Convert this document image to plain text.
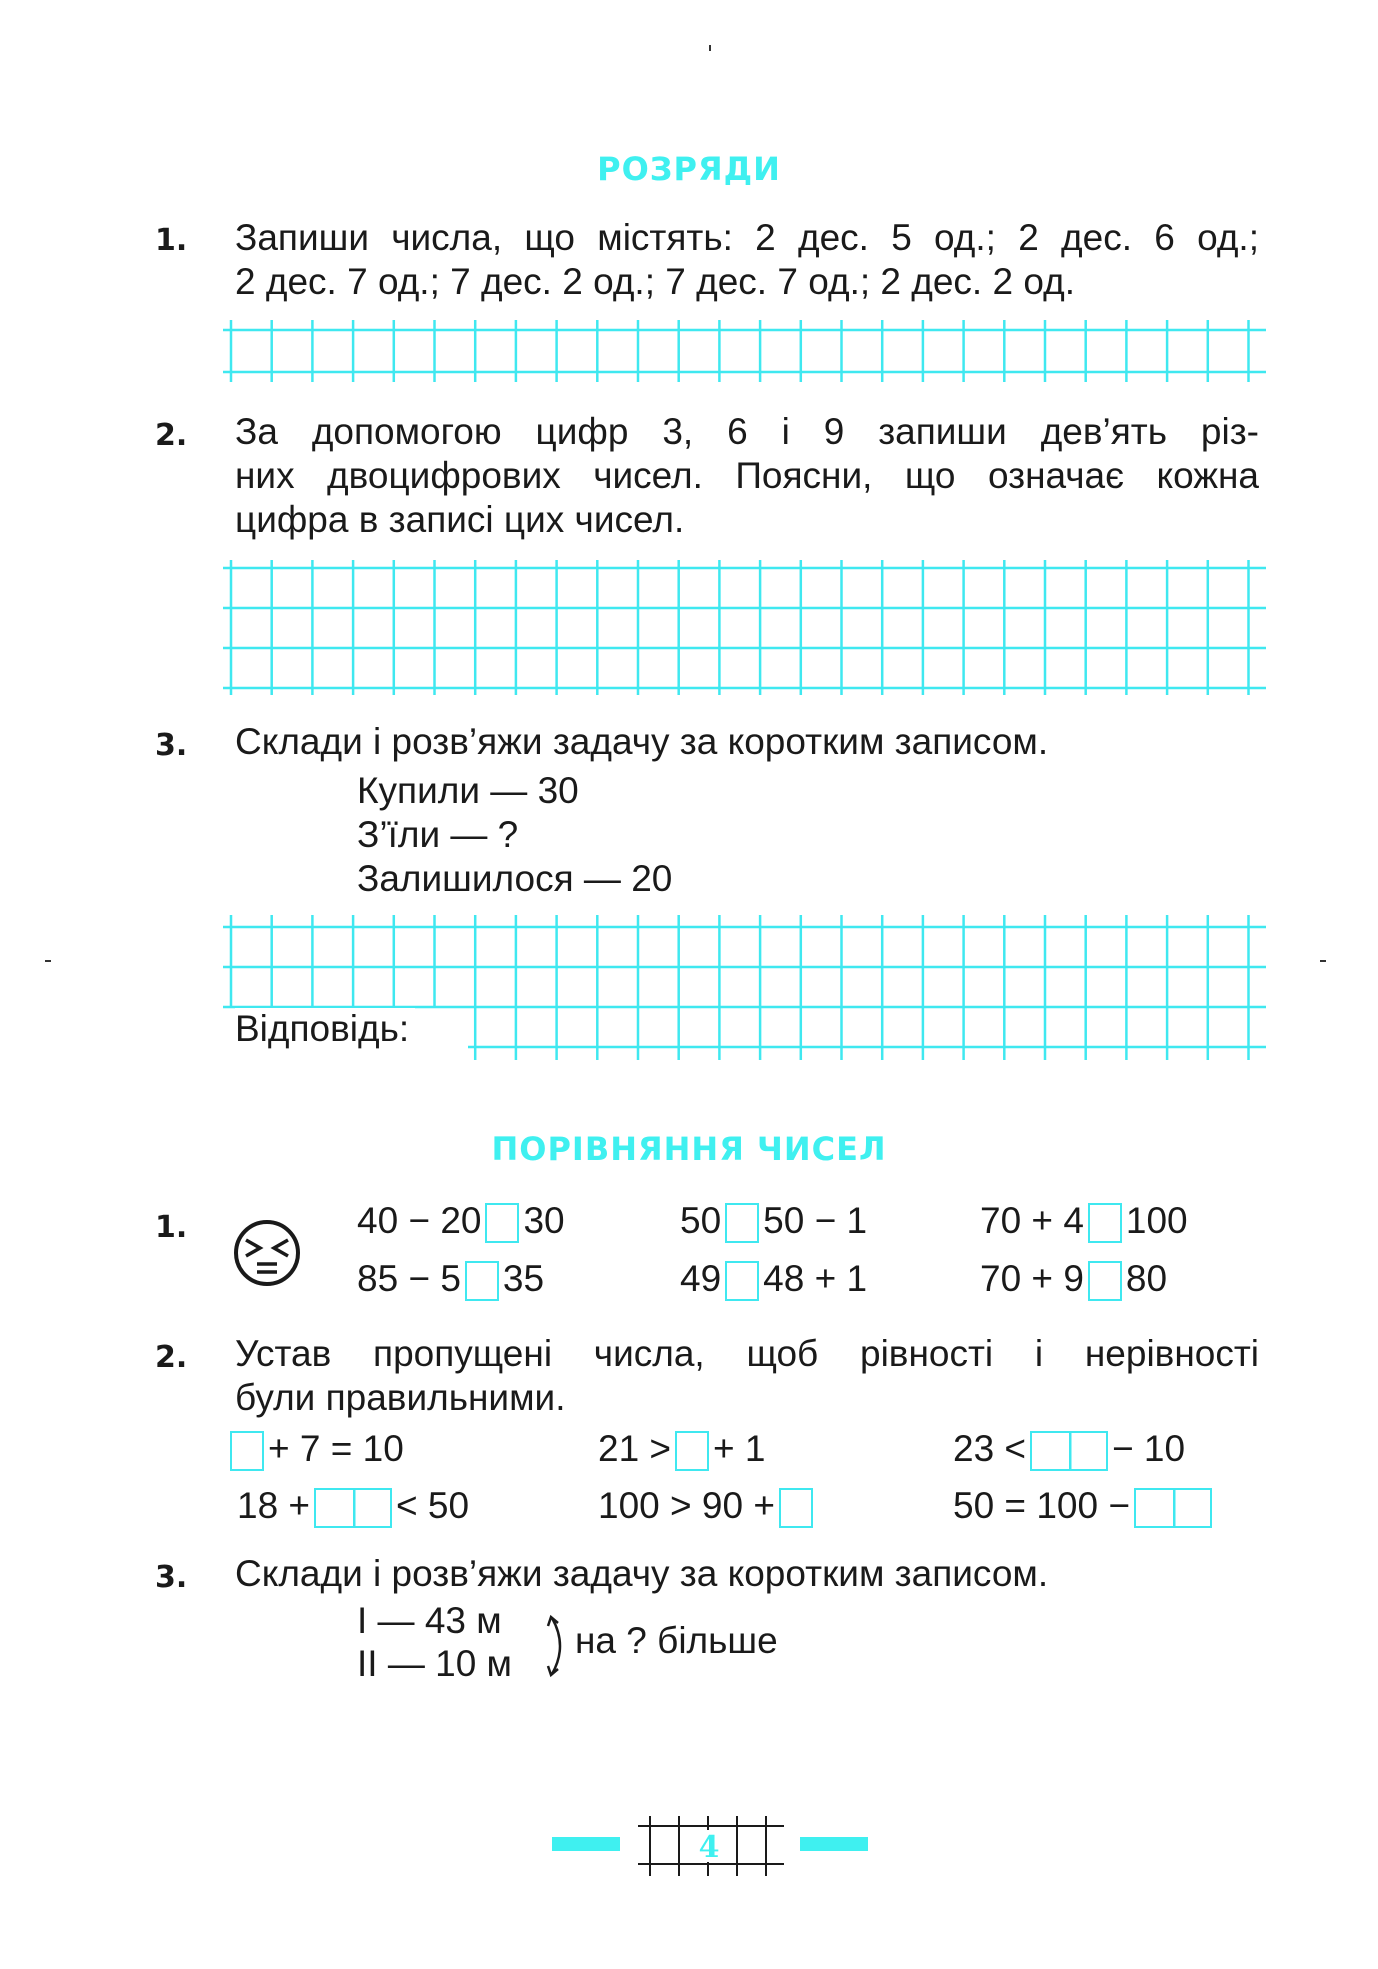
РОЗРЯДИ
1. Запиши числа, що містять: 2 дес. 5 од.; 2 дес. 6 од.;
2 дес. 7 од.; 7 дес. 2 од.; 7 дес. 7 од.; 2 дес. 2 од.
2. За допомогою цифр 3, 6 і 9 запиши дев’ять різ-
них двоцифрових чисел. Поясни, що означає кожна
цифра в записі цих чисел.
3. Склади і розв’яжи задачу за коротким записом.
Купили — 30
З’їли — ?
Залишилося — 20
Відповідь:
ПОРІВНЯННЯ ЧИСЕЛ
1.	40 − 20 30	50 50 − 1	70 + 4 100
85 − 5 35	49 48 + 1	70 + 9 80
2. Устав пропущені числа, щоб рівності і нерівності
були правильними.
+ 7 = 10	21 > + 1	23 < − 10
18 + < 50	100 > 90 +	50 = 100 −
3. Склади і розв’яжи задачу за коротким записом.
І — 43 м
ІІ — 10 м
на ? більше
4
